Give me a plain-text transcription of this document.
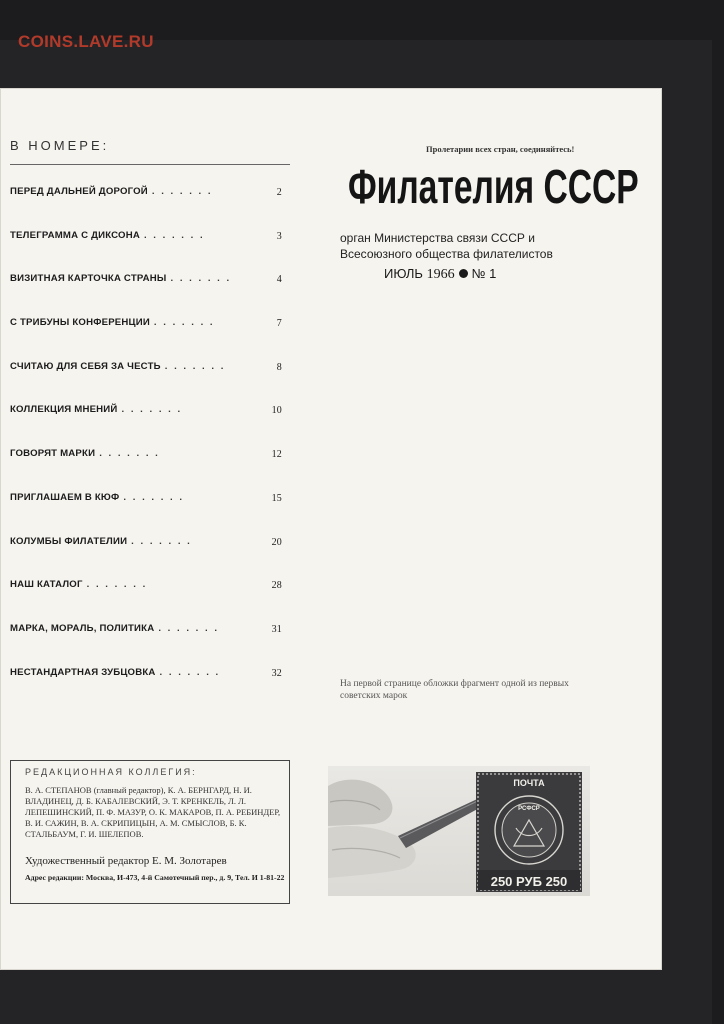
COINS.LAVE.RU
В НОМЕРЕ:
ПЕРЕД ДАЛЬНЕЙ ДОРОГОЙ . . . . . . .	2
ТЕЛЕГРАММА С ДИКСОНА . . . . . . .	3
ВИЗИТНАЯ КАРТОЧКА СТРАНЫ . . . . . . .	4
С ТРИБУНЫ КОНФЕРЕНЦИИ . . . . . . .	7
СЧИТАЮ ДЛЯ СЕБЯ ЗА ЧЕСТЬ . . . . . . .	8
КОЛЛЕКЦИЯ МНЕНИЙ . . . . . . .	10
ГОВОРЯТ МАРКИ . . . . . . .	12
ПРИГЛАШАЕМ В КЮФ . . . . . . .	15
КОЛУМБЫ ФИЛАТЕЛИИ . . . . . . .	20
НАШ КАТАЛОГ . . . . . . .	28
МАРКА, МОРАЛЬ, ПОЛИТИКА . . . . . . .	31
НЕСТАНДАРТНАЯ ЗУБЦОВКА . . . . . . .	32
Пролетарии всех стран, соединяйтесь!
Филателия СССР
орган Министерства связи СССР и Всесоюзного общества филателистов
ИЮЛЬ 1966 № 1
На первой странице обложки фрагмент одной из первых советских марок
РЕДАКЦИОННАЯ КОЛЛЕГИЯ:
В. А. СТЕПАНОВ (главный редактор), К. А. БЕРНГАРД, Н. И. ВЛАДИНЕЦ, Д. Б. КАБАЛЕВСКИЙ, Э. Т. КРЕНКЕЛЬ, Л. Л. ЛЕПЕШИНСКИЙ, П. Ф. МАЗУР, О. К. МАКАРОВ, П. А. РЕБИНДЕР, В. И. САЖИН, В. А. СКРИПИЦЫН, А. М. СМЫСЛОВ, Б. К. СТАЛЬБАУМ, Г. И. ШЕЛЕПОВ.
Художественный редактор Е. М. Золотарев
Адрес редакции: Москва, И-473, 4-й Самотечный пер., д. 9, Тел. И 1-81-22
ПОЧТА
РСФСР
250 РУБ 250
